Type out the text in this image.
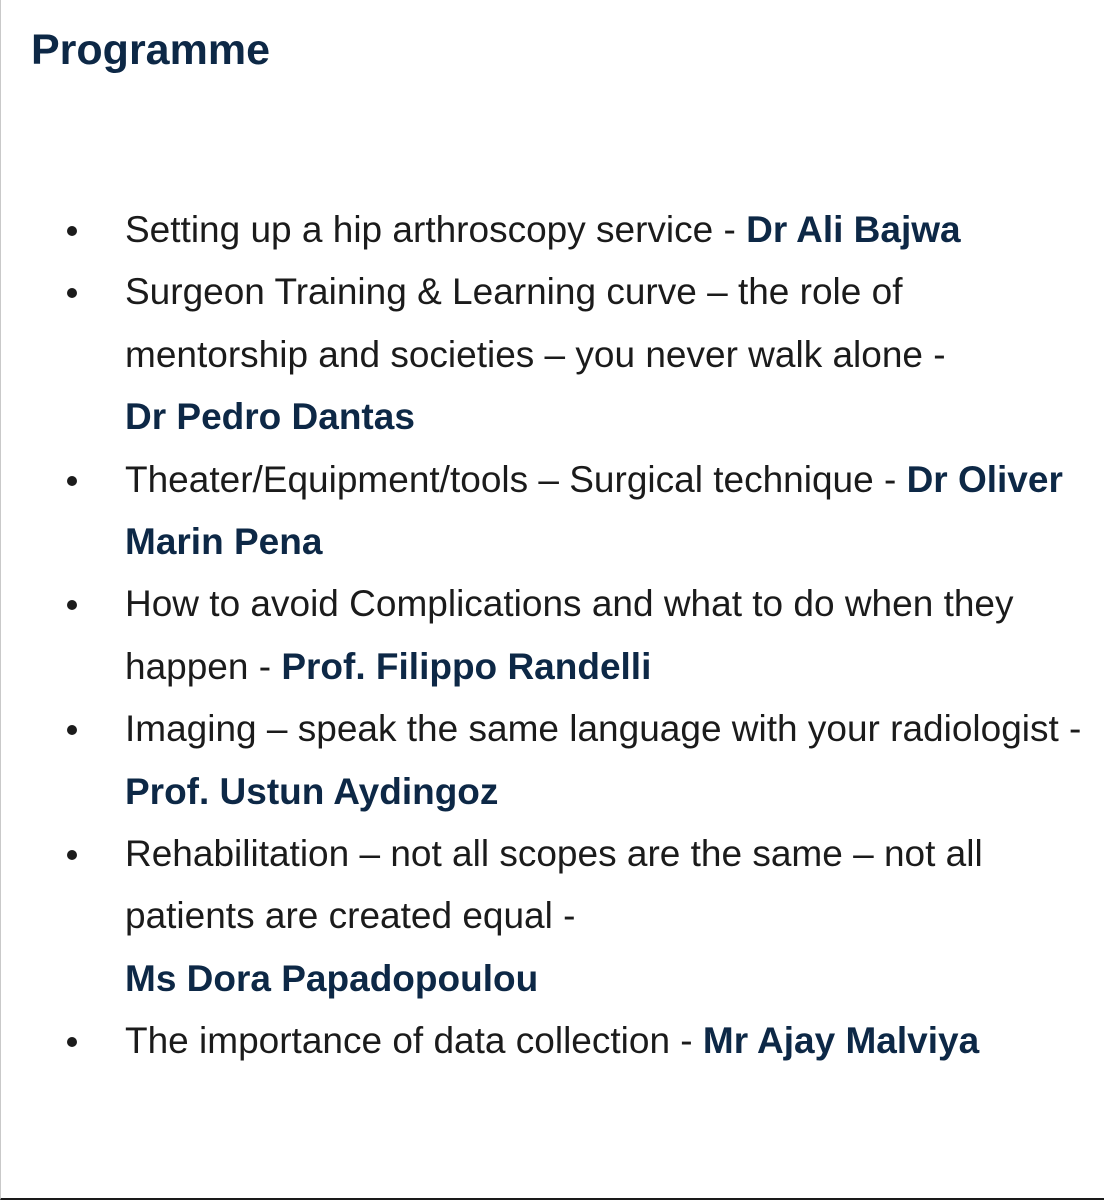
Programme
Setting up a hip arthroscopy service - Dr Ali Bajwa
Surgeon Training & Learning curve – the role of mentorship and societies – you never walk alone -
Dr Pedro Dantas
Theater/Equipment/tools – Surgical technique - Dr Oliver Marin Pena
How to avoid Complications and what to do when they happen - Prof. Filippo Randelli
Imaging – speak the same language with your radiologist - Prof. Ustun Aydingoz
Rehabilitation – not all scopes are the same – not all patients are created equal -
Ms Dora Papadopoulou
The importance of data collection - Mr Ajay Malviya
